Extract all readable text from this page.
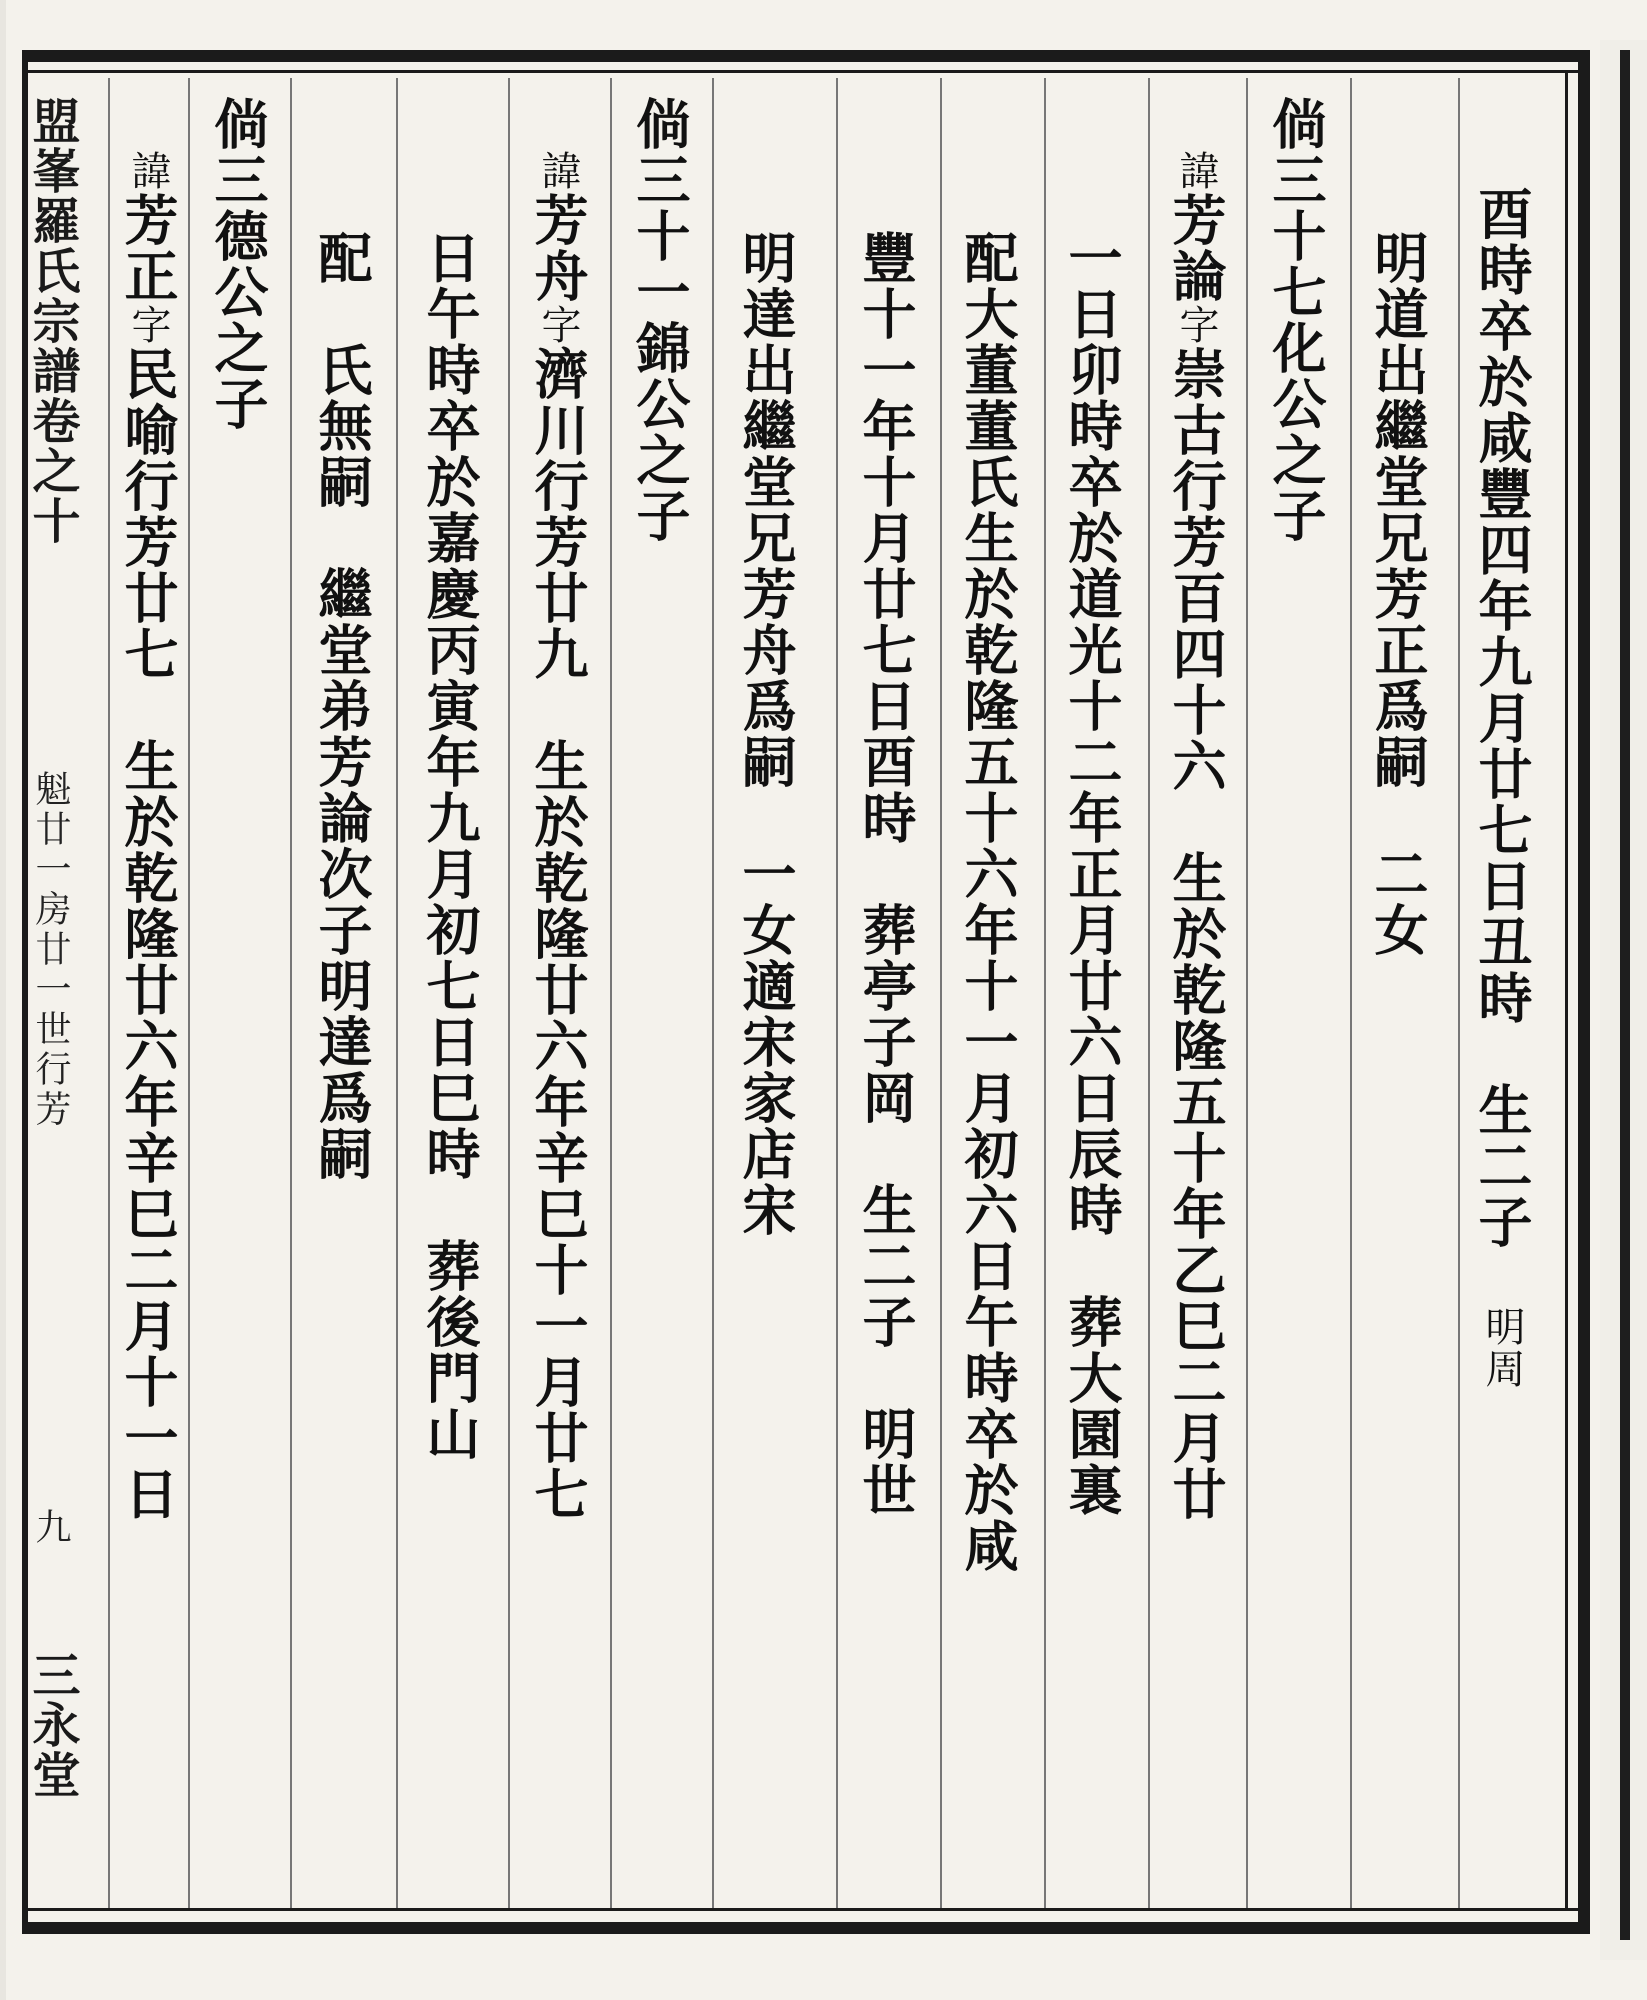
酉時卒於咸豐四年九月廿七日丑時生二子明周
明道出繼堂兄芳正爲嗣二女
倘三十七化公之子
諱芳論字崇古行芳百四十六生於乾隆五十年乙巳二月廿
一日卯時卒於道光十二年正月廿六日辰時葬大園裏
配大董董氏生於乾隆五十六年十一月初六日午時卒於咸
豐十一年十月廿七日酉時葬亭子岡生二子明世
明達出繼堂兄芳舟爲嗣一女適宋家店宋
倘三十一錦公之子
諱芳舟字濟川行芳廿九生於乾隆廿六年辛巳十一月廿七
日午時卒於嘉慶丙寅年九月初七日巳時葬後門山
配氏無嗣繼堂弟芳論次子明達爲嗣
倘三德公之子
諱芳正字民喻行芳廿七生於乾隆廿六年辛巳二月十一日
盟峯羅氏宗譜卷之十
魁廿一房廿一世行芳
九
三永堂
